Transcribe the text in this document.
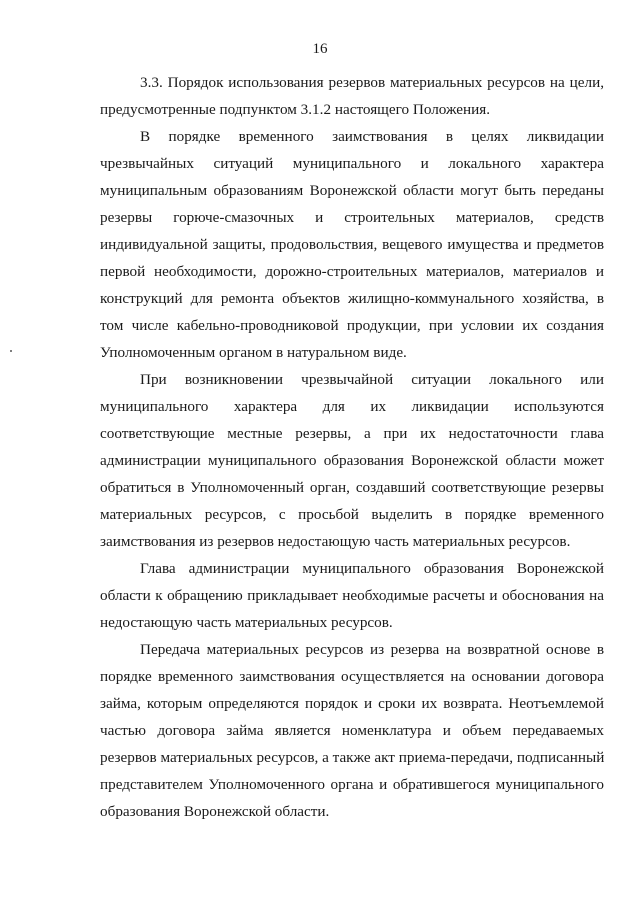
16
3.3. Порядок использования резервов материальных ресурсов на цели,
предусмотренные подпунктом 3.1.2 настоящего Положения.
В порядке временного заимствования в целях ликвидации
чрезвычайных ситуаций муниципального и локального характера
муниципальным образованиям Воронежской области могут быть переданы
резервы горюче-смазочных и строительных материалов, средств
индивидуальной защиты, продовольствия, вещевого имущества и предметов
первой необходимости, дорожно-строительных материалов, материалов и
конструкций для ремонта объектов жилищно-коммунального хозяйства, в
том числе кабельно-проводниковой продукции, при условии их создания
Уполномоченным органом в натуральном виде.
При возникновении чрезвычайной ситуации локального или
муниципального характера для их ликвидации используются
соответствующие местные резервы, а при их недостаточности глава
администрации муниципального образования Воронежской области может
обратиться в Уполномоченный орган, создавший соответствующие резервы
материальных ресурсов, с просьбой выделить в порядке временного
заимствования из резервов недостающую часть материальных ресурсов.
Глава администрации муниципального образования Воронежской
области к обращению прикладывает необходимые расчеты и обоснования на
недостающую часть материальных ресурсов.
Передача материальных ресурсов из резерва на возвратной основе в
порядке временного заимствования осуществляется на основании договора
займа, которым определяются порядок и сроки их возврата. Неотъемлемой
частью договора займа является номенклатура и объем передаваемых
резервов материальных ресурсов, а также акт приема-передачи, подписанный
представителем Уполномоченного органа и обратившегося муниципального
образования Воронежской области.
